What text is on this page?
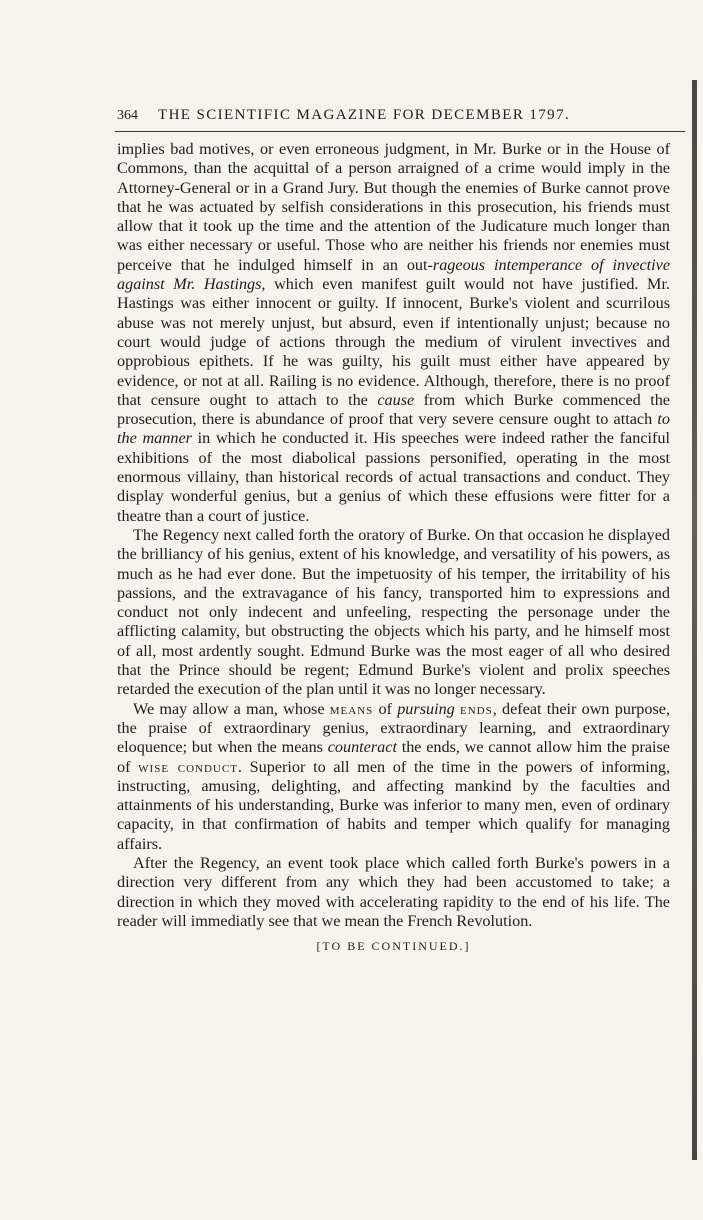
364 THE SCIENTIFIC MAGAZINE FOR DECEMBER 1797.

implies bad motives, or even erroneous judgment, in Mr. Burke or in the House of Commons, than the acquittal of a person arraigned of a crime would imply in the Attorney-General or in a Grand Jury. But though the enemies of Burke cannot prove that he was actuated by selfish considerations in this prosecution, his friends must allow that it took up the time and the attention of the Judicature much longer than was either necessary or useful. Those who are neither his friends nor enemies must perceive that he indulged himself in an out-rageous intemperance of invective against Mr. Hastings, which even manifest guilt would not have justified. Mr. Hastings was either innocent or guilty. If innocent, Burke's violent and scurrilous abuse was not merely unjust, but absurd, even if intentionally unjust; because no court would judge of actions through the medium of virulent invectives and opprobious epithets. If he was guilty, his guilt must either have appeared by evidence, or not at all. Railing is no evidence. Although, therefore, there is no proof that censure ought to attach to the cause from which Burke commenced the prosecution, there is abundance of proof that very severe censure ought to attach to the manner in which he conducted it. His speeches were indeed rather the fanciful exhibitions of the most diabolical passions personified, operating in the most enormous villainy, than historical records of actual transactions and conduct. They display wonderful genius, but a genius of which these effusions were fitter for a theatre than a court of justice.

The Regency next called forth the oratory of Burke. On that occasion he displayed the brilliancy of his genius, extent of his knowledge, and versatility of his powers, as much as he had ever done. But the impetuosity of his temper, the irritability of his passions, and the extravagance of his fancy, transported him to expressions and conduct not only indecent and unfeeling, respecting the personage under the afflicting calamity, but obstructing the objects which his party, and he himself most of all, most ardently sought. Edmund Burke was the most eager of all who desired that the Prince should be regent; Edmund Burke's violent and prolix speeches retarded the execution of the plan until it was no longer necessary.

We may allow a man, whose means of pursuing ends, defeat their own purpose, the praise of extraordinary genius, extraordinary learning, and extraordinary eloquence; but when the means counteract the ends, we cannot allow him the praise of wise conduct. Superior to all men of the time in the powers of informing, instructing, amusing, delighting, and affecting mankind by the faculties and attainments of his understanding, Burke was inferior to many men, even of ordinary capacity, in that confirmation of habits and temper which qualify for managing affairs.

After the Regency, an event took place which called forth Burke's powers in a direction very different from any which they had been accustomed to take; a direction in which they moved with accelerating rapidity to the end of his life. The reader will immediatly see that we mean the French Revolution.

[TO BE CONTINUED.]
